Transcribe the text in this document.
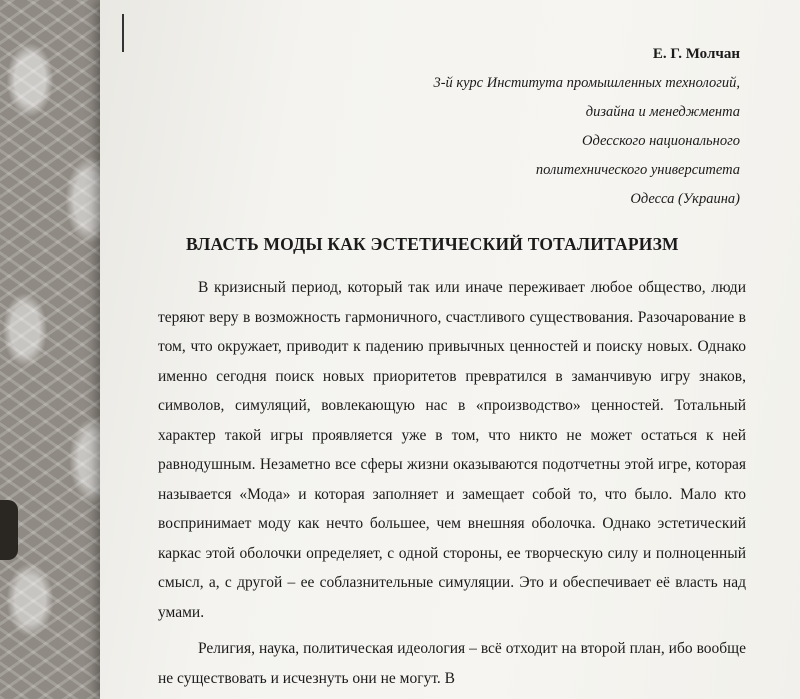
Е. Г. Молчан
3-й курс Института промышленных технологий,
дизайна и менеджмента
Одесского национального
политехнического университета
Одесса (Украина)
ВЛАСТЬ МОДЫ КАК ЭСТЕТИЧЕСКИЙ ТОТАЛИТАРИЗМ

В кризисный период, который так или иначе переживает любое общество, люди теряют веру в возможность гармоничного, счастливого существования. Разочарование в том, что окружает, приводит к падению привычных ценностей и поиску новых. Однако именно сегодня поиск новых приоритетов превратился в заманчивую игру знаков, символов, симуляций, вовлекающую нас в «производство» ценностей. Тотальный характер такой игры проявляется уже в том, что никто не может остаться к ней равнодушным. Незаметно все сферы жизни оказываются подотчетны этой игре, которая называется «Мода» и которая заполняет и замещает собой то, что было. Мало кто воспринимает моду как нечто большее, чем внешняя оболочка. Однако эстетический каркас этой оболочки определяет, с одной стороны, ее творческую силу и полноценный смысл, а, с другой – ее соблазнительные симуляции. Это и обеспечивает её власть над умами.

Религия, наука, политическая идеология – всё отходит на второй план, ибо вообще не существовать и исчезнуть они не могут. В
